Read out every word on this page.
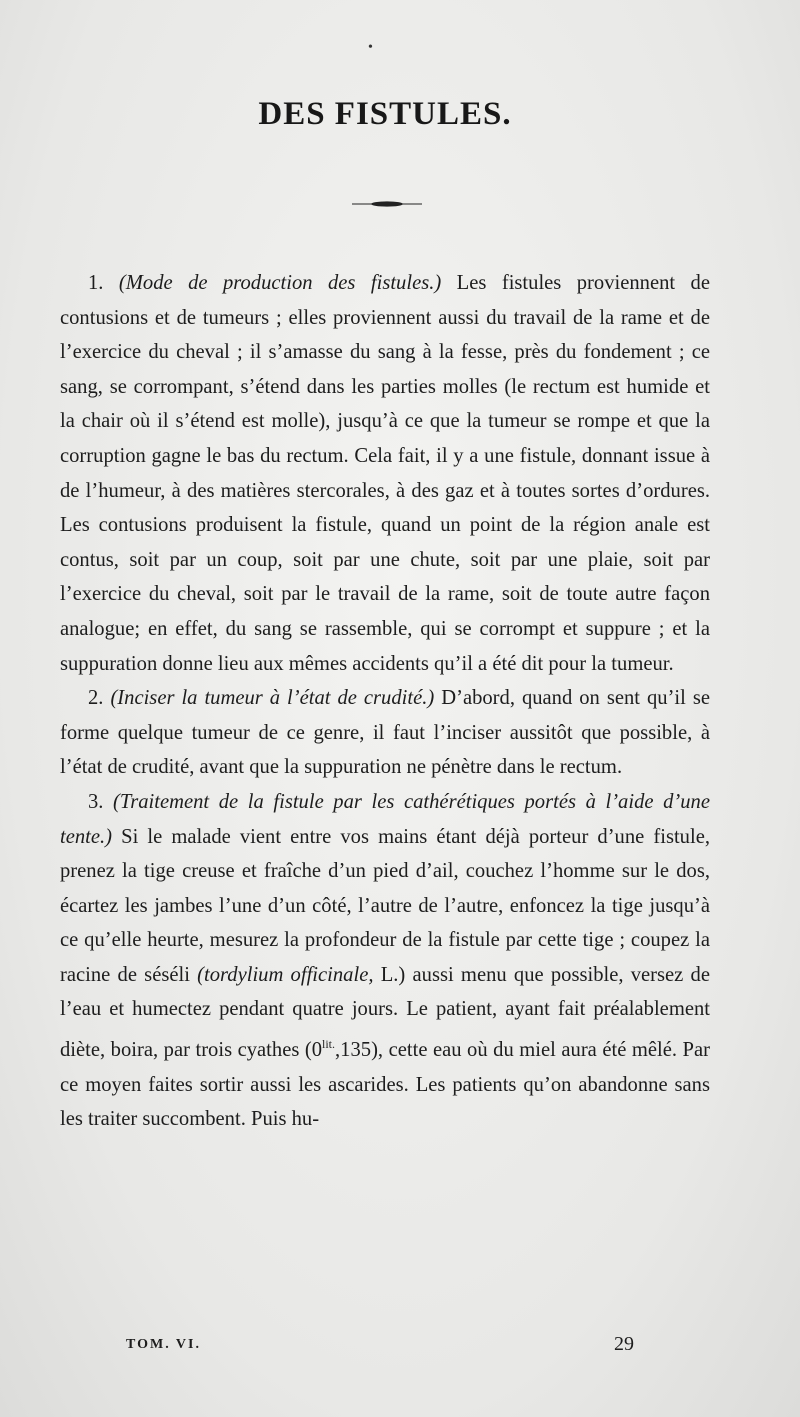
•
DES FISTULES.

1. (Mode de production des fistules.) Les fistules proviennent de contusions et de tumeurs ; elles proviennent aussi du travail de la rame et de l’exercice du cheval ; il s’amasse du sang à la fesse, près du fondement ; ce sang, se corrompant, s’étend dans les parties molles (le rectum est humide et la chair où il s’étend est molle), jusqu’à ce que la tumeur se rompe et que la corruption gagne le bas du rectum. Cela fait, il y a une fistule, donnant issue à de l’humeur, à des matières stercorales, à des gaz et à toutes sortes d’ordures. Les contusions produisent la fistule, quand un point de la région anale est contus, soit par un coup, soit par une chute, soit par une plaie, soit par l’exercice du cheval, soit par le travail de la rame, soit de toute autre façon analogue; en effet, du sang se rassemble, qui se corrompt et suppure ; et la suppuration donne lieu aux mêmes accidents qu’il a été dit pour la tumeur.

2. (Inciser la tumeur à l’état de crudité.) D’abord, quand on sent qu’il se forme quelque tumeur de ce genre, il faut l’inciser aussitôt que possible, à l’état de crudité, avant que la suppuration ne pénètre dans le rectum.

3. (Traitement de la fistule par les cathérétiques portés à l’aide d’une tente.) Si le malade vient entre vos mains étant déjà porteur d’une fistule, prenez la tige creuse et fraîche d’un pied d’ail, couchez l’homme sur le dos, écartez les jambes l’une d’un côté, l’autre de l’autre, enfoncez la tige jusqu’à ce qu’elle heurte, mesurez la profondeur de la fistule par cette tige ; coupez la racine de séséli (tordylium officinale, L.) aussi menu que possible, versez de l’eau et humectez pendant quatre jours. Le patient, ayant fait préalablement diète, boira, par trois cyathes $(0^{lit.},135)$, cette eau où du miel aura été mêlé. Par ce moyen faites sortir aussi les ascarides. Les patients qu’on abandonne sans les traiter succombent. Puis hu-

TOM. VI.	29
